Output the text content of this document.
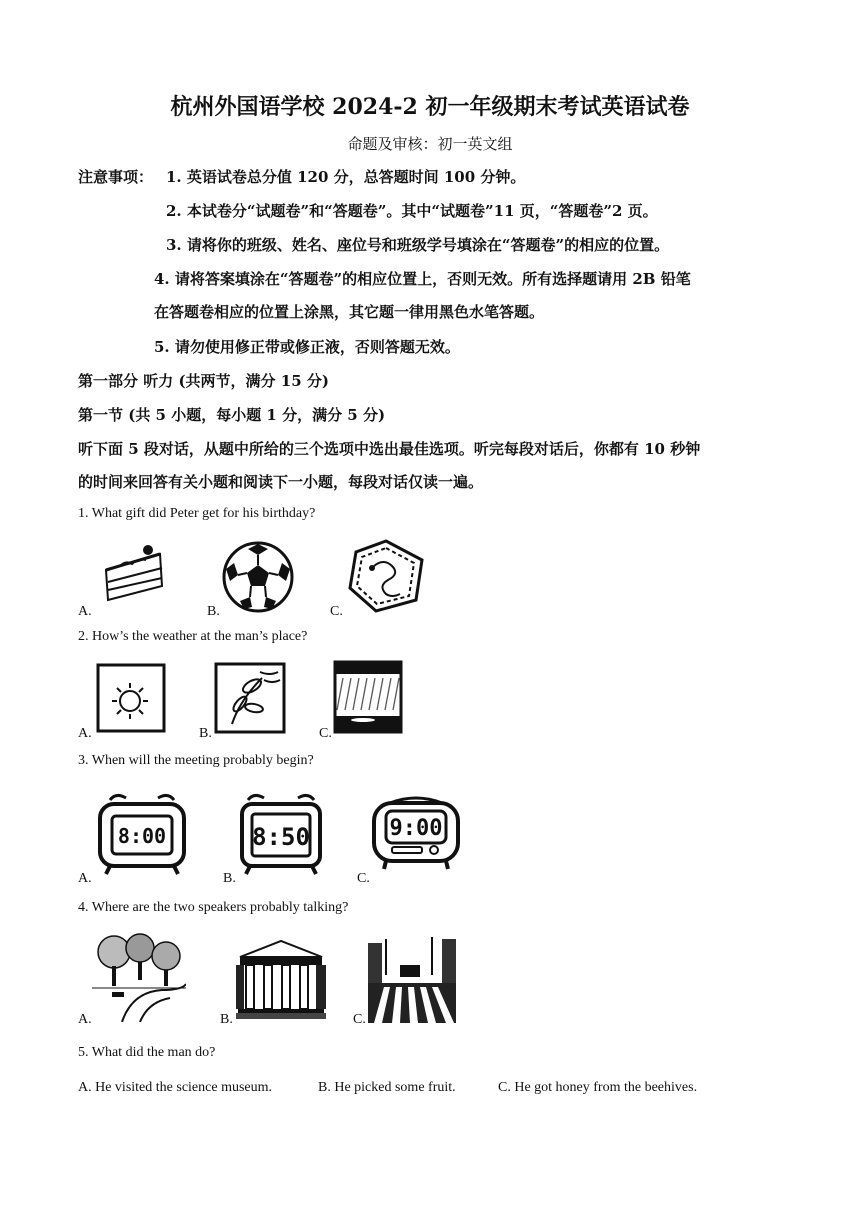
杭州外国语学校 2024-2 初一年级期末考试英语试卷
命题及审核：初一英文组
注意事项： 1. 英语试卷总分值 120 分，总答题时间 100 分钟。
2. 本试卷分“试题卷”和“答题卷”。其中“试题卷”11 页，“答题卷”2 页。
3. 请将你的班级、姓名、座位号和班级学号填涂在“答题卷”的相应的位置。
4. 请将答案填涂在“答题卷”的相应位置上，否则无效。所有选择题请用 2B 铅笔
在答题卷相应的位置上涂黑，其它题一律用黑色水笔答题。
5. 请勿使用修正带或修正液，否则答题无效。
第一部分 听力 (共两节，满分 15 分)
第一节 (共 5 小题，每小题 1 分，满分 5 分)
听下面 5 段对话，从题中所给的三个选项中选出最佳选项。听完每段对话后，你都有 10 秒钟
的时间来回答有关小题和阅读下一小题，每段对话仅读一遍。
1. What gift did Peter get for his birthday?
A.	B.	C.
2. How’s the weather at the man’s place?
A.	B.	C.
3. When will the meeting probably begin?
8:00	8:50	9:00
A.	B.	C.
4. Where are the two speakers probably talking?
A.	B.	C.
5. What did the man do?
A. He visited the science museum.	B. He picked some fruit.	C. He got honey from the beehives.
